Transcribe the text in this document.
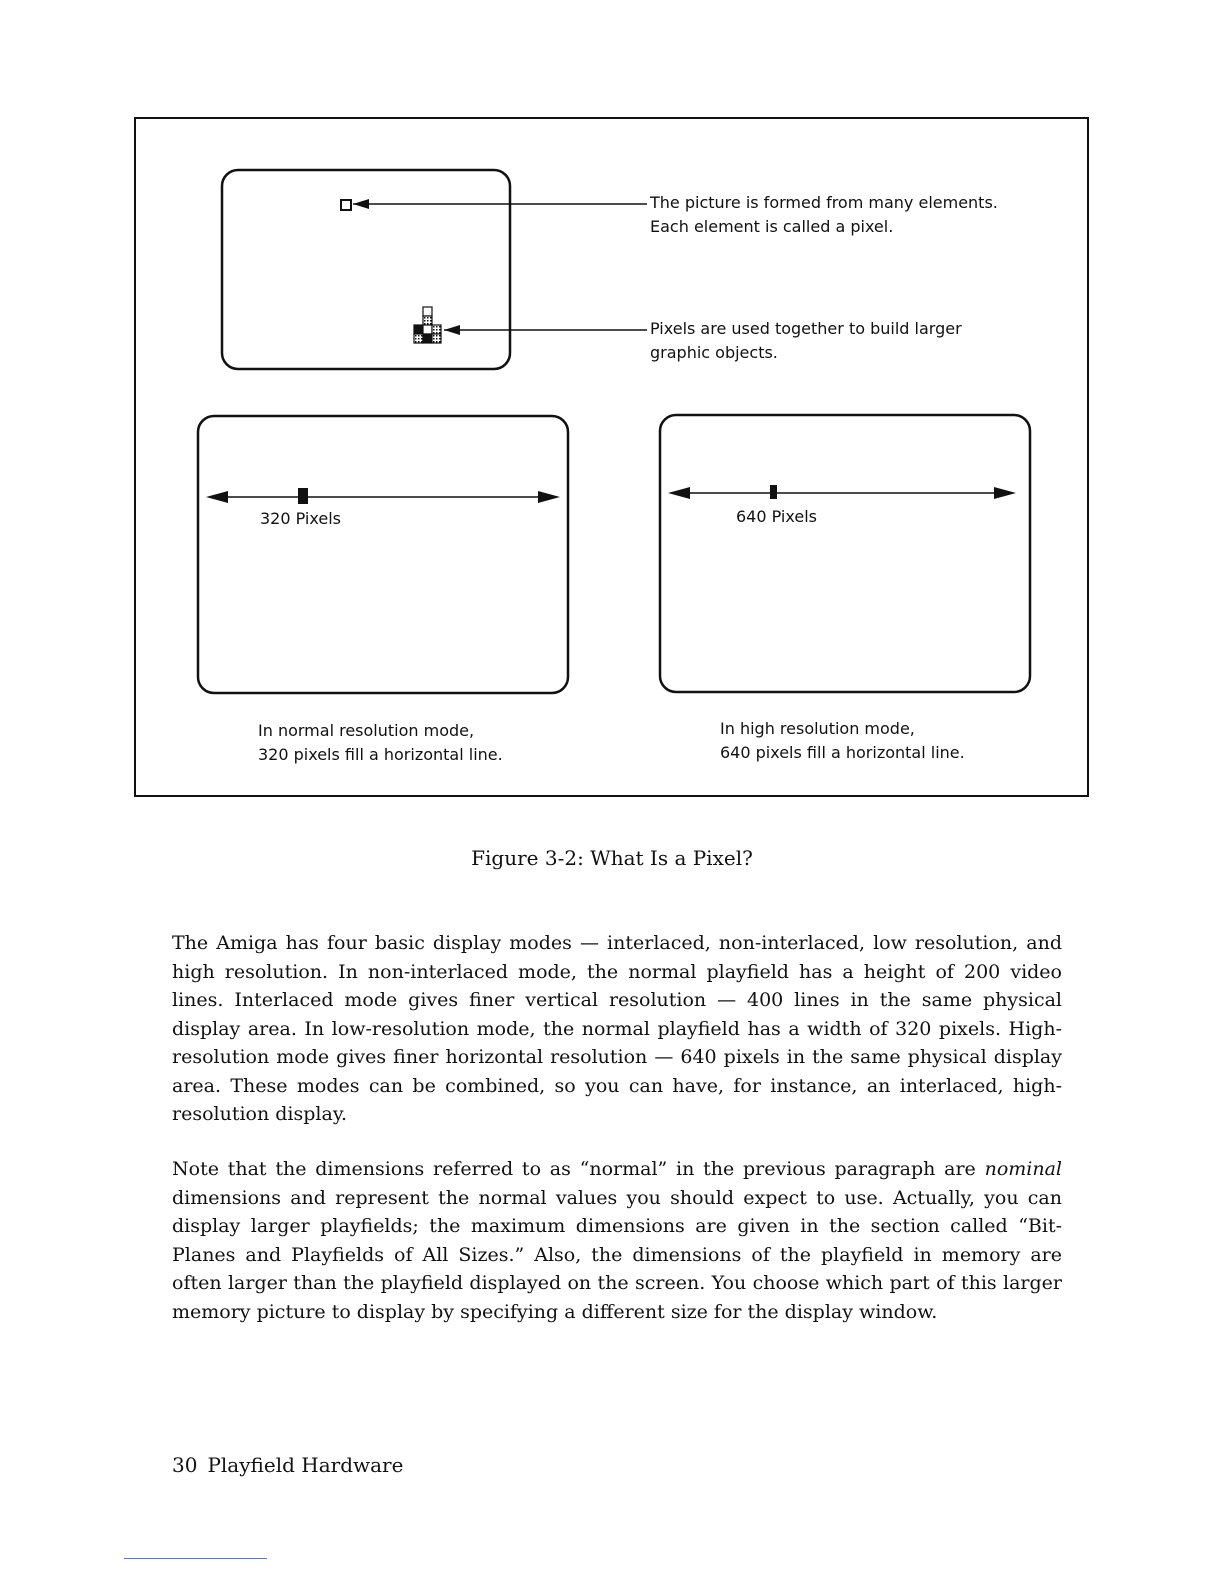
The picture is formed from many elements.
Each element is called a pixel.
Pixels are used together to build larger
graphic objects.
320 Pixels	640 Pixels
In normal resolution mode,
320 pixels fill a horizontal line.
In high resolution mode,
640 pixels fill a horizontal line.
Figure 3-2: What Is a Pixel?

The Amiga has four basic display modes — interlaced, non-interlaced, low resolution, and high resolution. In non-interlaced mode, the normal playfield has a height of 200 video lines. Interlaced mode gives finer vertical resolution — 400 lines in the same physical display area. In low-resolution mode, the normal playfield has a width of 320 pixels. High-resolution mode gives finer horizontal resolution — 640 pixels in the same physical display area. These modes can be combined, so you can have, for instance, an interlaced, high-resolution display.

Note that the dimensions referred to as “normal” in the previous paragraph are nominal dimensions and represent the normal values you should expect to use. Actually, you can display larger playfields; the maximum dimensions are given in the section called “Bit-Planes and Playfields of All Sizes.” Also, the dimensions of the playfield in memory are often larger than the playfield displayed on the screen. You choose which part of this larger memory picture to display by specifying a different size for the display window.

30 Playfield Hardware
